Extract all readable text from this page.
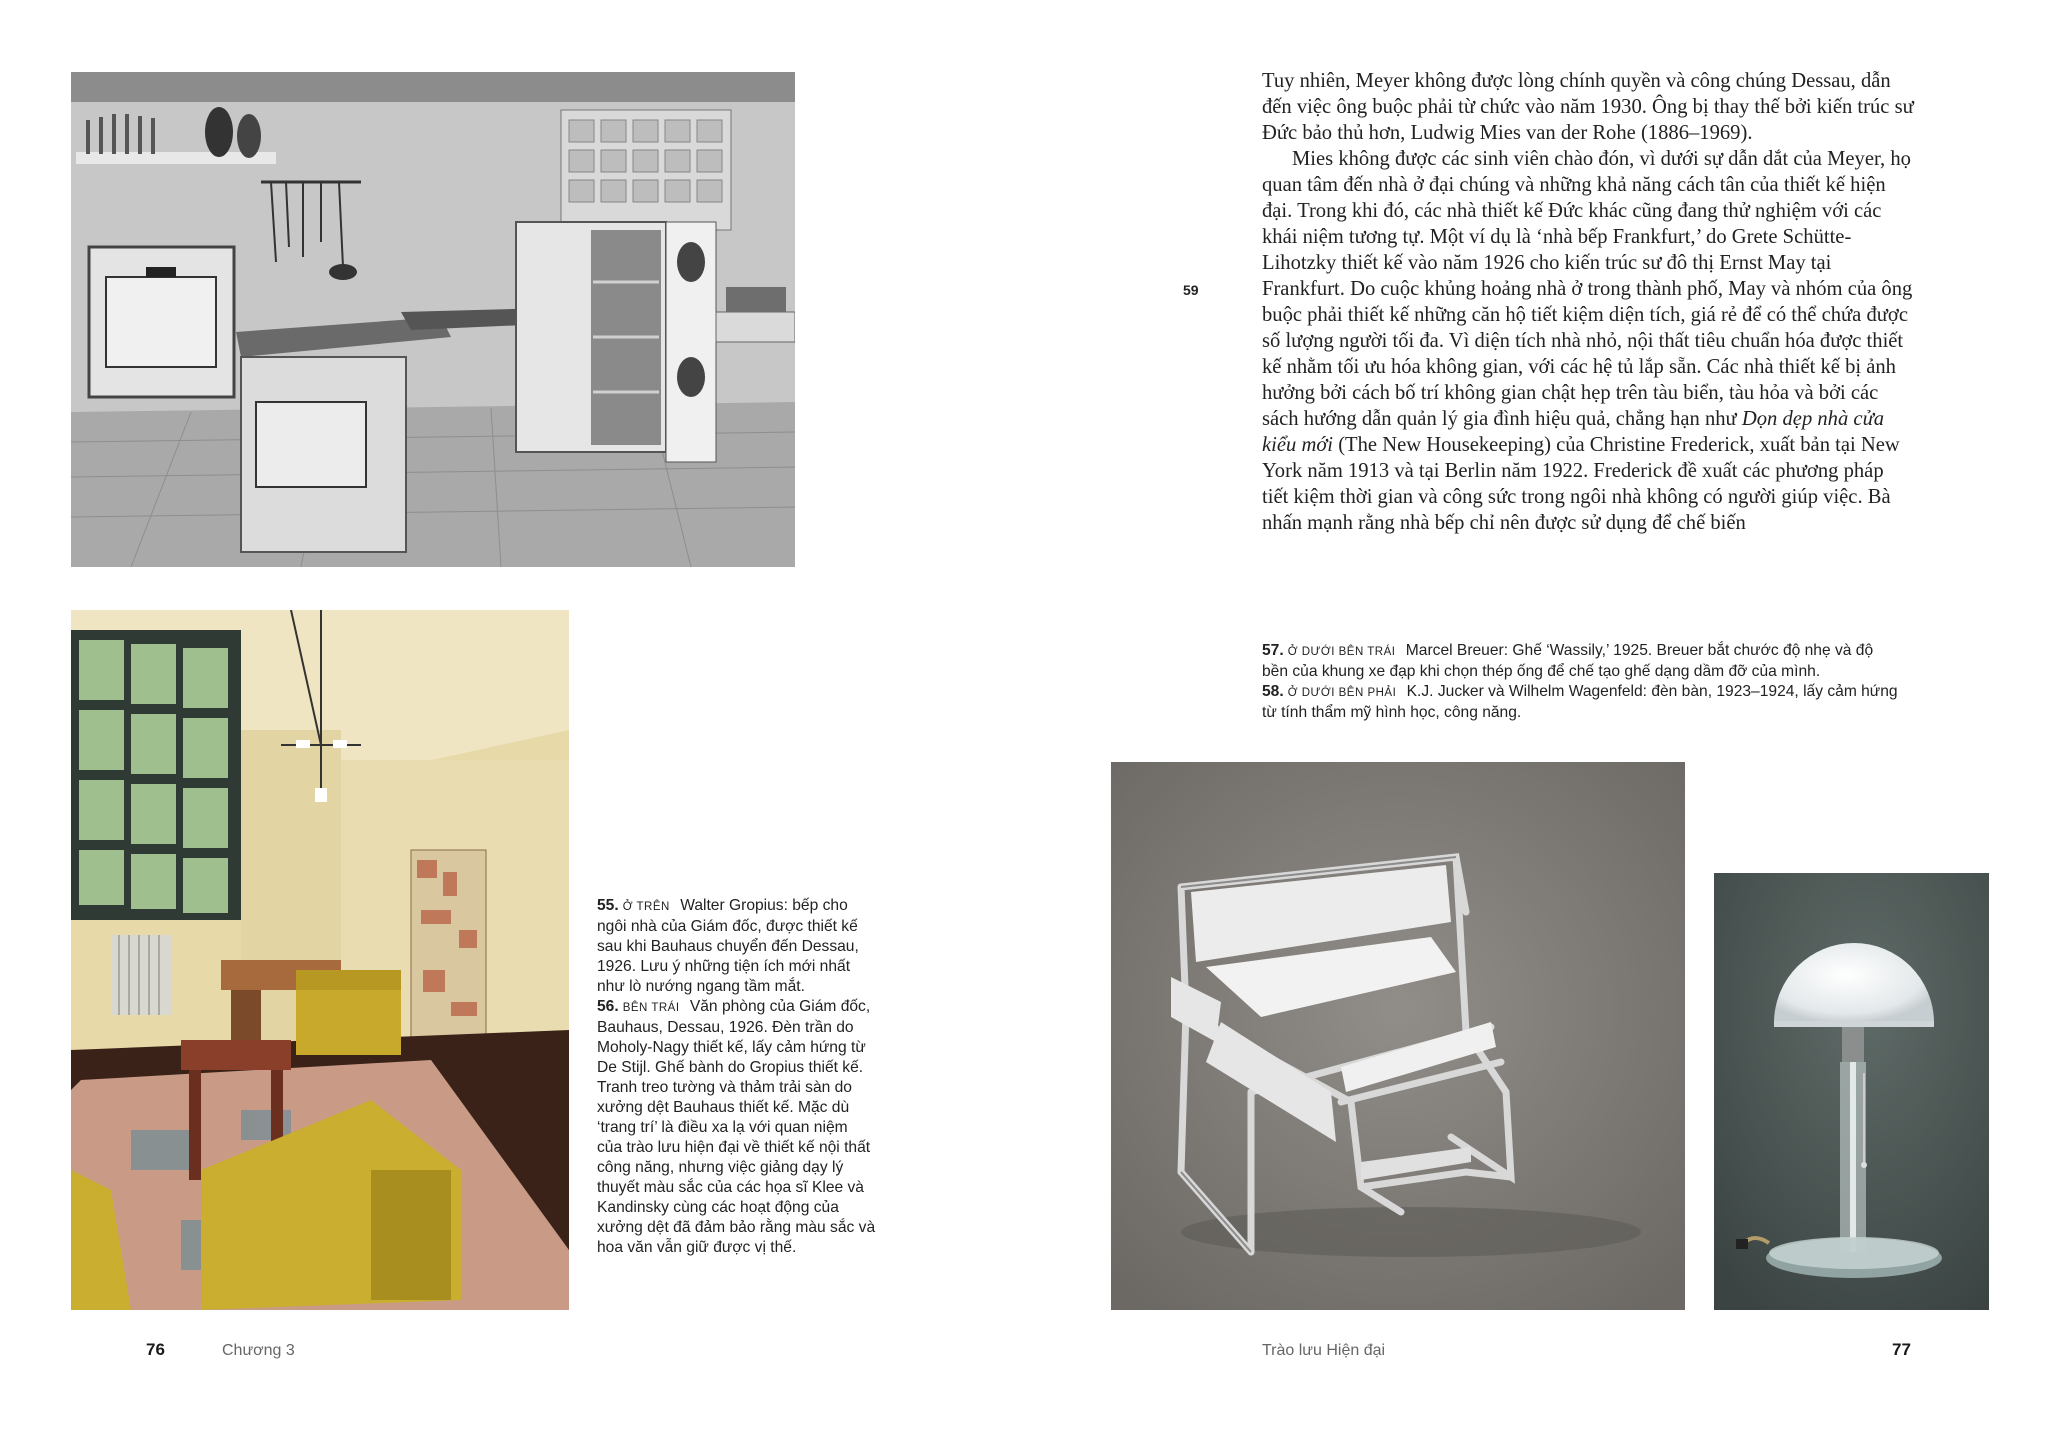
55. Ở TRÊN Walter Gropius: bếp cho ngôi nhà của Giám đốc, được thiết kế sau khi Bauhaus chuyển đến Dessau, 1926. Lưu ý những tiện ích mới nhất như lò nướng ngang tầm mắt.

56. BÊN TRÁI Văn phòng của Giám đốc, Bauhaus, Dessau, 1926. Đèn trần do Moholy-Nagy thiết kế, lấy cảm hứng từ De Stijl. Ghế bành do Gropius thiết kế. Tranh treo tường và thảm trải sàn do xưởng dệt Bauhaus thiết kế. Mặc dù ‘trang trí’ là điều xa lạ với quan niệm của trào lưu hiện đại về thiết kế nội thất công năng, nhưng việc giảng dạy lý thuyết màu sắc của các họa sĩ Klee và Kandinsky cùng các hoạt động của xưởng dệt đã đảm bảo rằng màu sắc và hoa văn vẫn giữ được vị thế.

76	Chương 3
59

Tuy nhiên, Meyer không được lòng chính quyền và công chúng Dessau, dẫn đến việc ông buộc phải từ chức vào năm 1930. Ông bị thay thế bởi kiến trúc sư Đức bảo thủ hơn, Ludwig Mies van der Rohe (1886–1969).

Mies không được các sinh viên chào đón, vì dưới sự dẫn dắt của Meyer, họ quan tâm đến nhà ở đại chúng và những khả năng cách tân của thiết kế hiện đại. Trong khi đó, các nhà thiết kế Đức khác cũng đang thử nghiệm với các khái niệm tương tự. Một ví dụ là ‘nhà bếp Frankfurt,’ do Grete Schütte-Lihotzky thiết kế vào năm 1926 cho kiến trúc sư đô thị Ernst May tại Frankfurt. Do cuộc khủng hoảng nhà ở trong thành phố, May và nhóm của ông buộc phải thiết kế những căn hộ tiết kiệm diện tích, giá rẻ để có thể chứa được số lượng người tối đa. Vì diện tích nhà nhỏ, nội thất tiêu chuẩn hóa được thiết kế nhằm tối ưu hóa không gian, với các hệ tủ lắp sẵn. Các nhà thiết kế bị ảnh hưởng bởi cách bố trí không gian chật hẹp trên tàu biển, tàu hỏa và bởi các sách hướng dẫn quản lý gia đình hiệu quả, chẳng hạn như Dọn dẹp nhà cửa kiểu mới (The New Housekeeping) của Christine Frederick, xuất bản tại New York năm 1913 và tại Berlin năm 1922. Frederick đề xuất các phương pháp tiết kiệm thời gian và công sức trong ngôi nhà không có người giúp việc. Bà nhấn mạnh rằng nhà bếp chỉ nên được sử dụng để chế biến

57. Ở DƯỚI BÊN TRÁI Marcel Breuer: Ghế ‘Wassily,’ 1925. Breuer bắt chước độ nhẹ và độ bền của khung xe đạp khi chọn thép ống để chế tạo ghế dạng dầm đỡ của mình.

58. Ở DƯỚI BÊN PHẢI K.J. Jucker và Wilhelm Wagenfeld: đèn bàn, 1923–1924, lấy cảm hứng từ tính thẩm mỹ hình học, công năng.

Trào lưu Hiện đại	77
